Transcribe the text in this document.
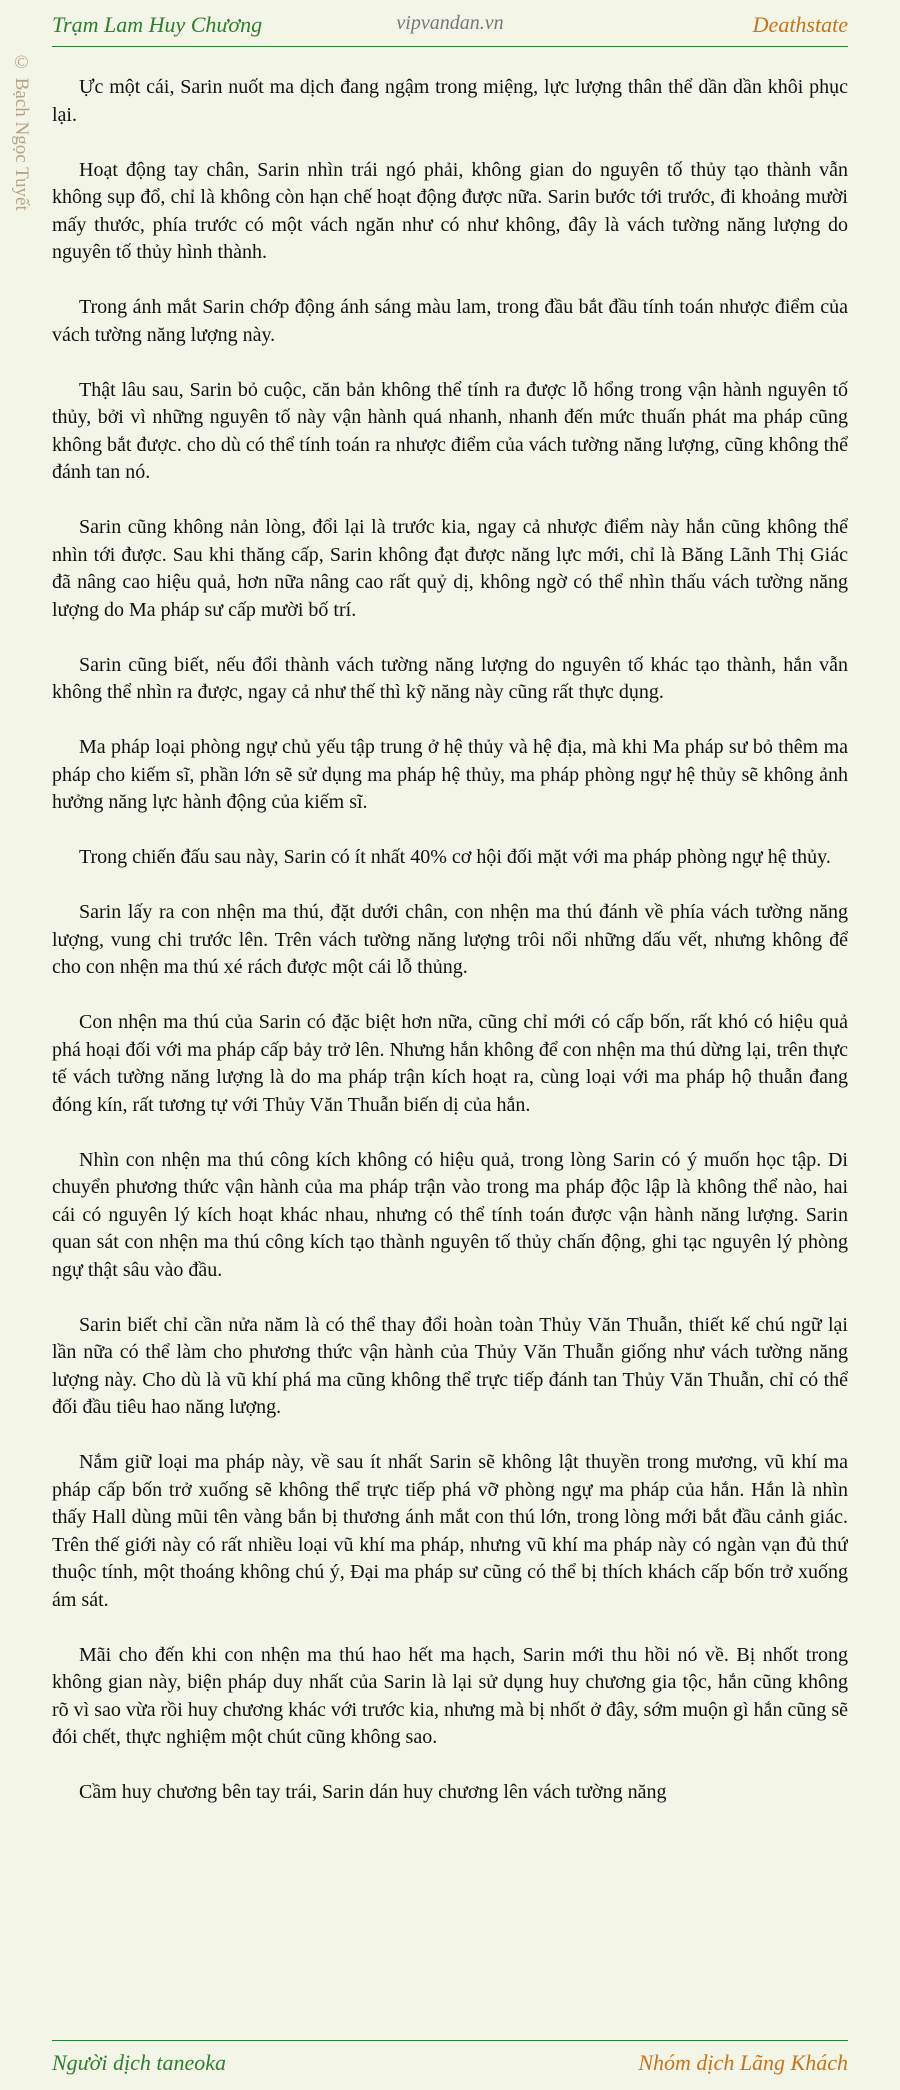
Trạm Lam Huy Chương	vipvandan.vn	Deathstate
© Bạch Ngọc Tuyết	Ực một cái, Sarin nuốt ma dịch đang ngậm trong miệng, lực lượng thân thể dần dần khôi phục lại.

Hoạt động tay chân, Sarin nhìn trái ngó phải, không gian do nguyên tố thủy tạo thành vẫn không sụp đổ, chỉ là không còn hạn chế hoạt động được nữa. Sarin bước tới trước, đi khoảng mười mấy thước, phía trước có một vách ngăn như có như không, đây là vách tường năng lượng do nguyên tố thủy hình thành.

Trong ánh mắt Sarin chớp động ánh sáng màu lam, trong đầu bắt đầu tính toán nhược điểm của vách tường năng lượng này.

Thật lâu sau, Sarin bỏ cuộc, căn bản không thể tính ra được lỗ hổng trong vận hành nguyên tố thủy, bởi vì những nguyên tố này vận hành quá nhanh, nhanh đến mức thuấn phát ma pháp cũng không bắt được. cho dù có thể tính toán ra nhược điểm của vách tường năng lượng, cũng không thể đánh tan nó.

Sarin cũng không nản lòng, đổi lại là trước kia, ngay cả nhược điểm này hắn cũng không thể nhìn tới được. Sau khi thăng cấp, Sarin không đạt được năng lực mới, chỉ là Băng Lãnh Thị Giác đã nâng cao hiệu quả, hơn nữa nâng cao rất quỷ dị, không ngờ có thể nhìn thấu vách tường năng lượng do Ma pháp sư cấp mười bố trí.

Sarin cũng biết, nếu đổi thành vách tường năng lượng do nguyên tố khác tạo thành, hắn vẫn không thể nhìn ra được, ngay cả như thế thì kỹ năng này cũng rất thực dụng.

Ma pháp loại phòng ngự chủ yếu tập trung ở hệ thủy và hệ địa, mà khi Ma pháp sư bỏ thêm ma pháp cho kiếm sĩ, phần lớn sẽ sử dụng ma pháp hệ thủy, ma pháp phòng ngự hệ thủy sẽ không ảnh hưởng năng lực hành động của kiếm sĩ.

Trong chiến đấu sau này, Sarin có ít nhất 40% cơ hội đối mặt với ma pháp phòng ngự hệ thủy.

Sarin lấy ra con nhện ma thú, đặt dưới chân, con nhện ma thú đánh về phía vách tường năng lượng, vung chi trước lên. Trên vách tường năng lượng trôi nổi những dấu vết, nhưng không để cho con nhện ma thú xé rách được một cái lỗ thủng.

Con nhện ma thú của Sarin có đặc biệt hơn nữa, cũng chỉ mới có cấp bốn, rất khó có hiệu quả phá hoại đối với ma pháp cấp bảy trở lên. Nhưng hắn không để con nhện ma thú dừng lại, trên thực tế vách tường năng lượng là do ma pháp trận kích hoạt ra, cùng loại với ma pháp hộ thuẫn đang đóng kín, rất tương tự với Thủy Văn Thuẫn biến dị của hắn.

Nhìn con nhện ma thú công kích không có hiệu quả, trong lòng Sarin có ý muốn học tập. Di chuyển phương thức vận hành của ma pháp trận vào trong ma pháp độc lập là không thể nào, hai cái có nguyên lý kích hoạt khác nhau, nhưng có thể tính toán được vận hành năng lượng. Sarin quan sát con nhện ma thú công kích tạo thành nguyên tố thủy chấn động, ghi tạc nguyên lý phòng ngự thật sâu vào đầu.

Sarin biết chỉ cần nửa năm là có thể thay đổi hoàn toàn Thủy Văn Thuẫn, thiết kế chú ngữ lại lần nữa có thể làm cho phương thức vận hành của Thủy Văn Thuẫn giống như vách tường năng lượng này. Cho dù là vũ khí phá ma cũng không thể trực tiếp đánh tan Thủy Văn Thuẫn, chỉ có thể đối đầu tiêu hao năng lượng.

Nắm giữ loại ma pháp này, về sau ít nhất Sarin sẽ không lật thuyền trong mương, vũ khí ma pháp cấp bốn trở xuống sẽ không thể trực tiếp phá vỡ phòng ngự ma pháp của hắn. Hắn là nhìn thấy Hall dùng mũi tên vàng bắn bị thương ánh mắt con thú lớn, trong lòng mới bắt đầu cảnh giác. Trên thế giới này có rất nhiều loại vũ khí ma pháp, nhưng vũ khí ma pháp này có ngàn vạn đủ thứ thuộc tính, một thoáng không chú ý, Đại ma pháp sư cũng có thể bị thích khách cấp bốn trở xuống ám sát.

Mãi cho đến khi con nhện ma thú hao hết ma hạch, Sarin mới thu hồi nó về. Bị nhốt trong không gian này, biện pháp duy nhất của Sarin là lại sử dụng huy chương gia tộc, hắn cũng không rõ vì sao vừa rồi huy chương khác với trước kia, nhưng mà bị nhốt ở đây, sớm muộn gì hắn cũng sẽ đói chết, thực nghiệm một chút cũng không sao.

Cầm huy chương bên tay trái, Sarin dán huy chương lên vách tường năng

Người dịch taneoka	Nhóm dịch Lãng Khách
